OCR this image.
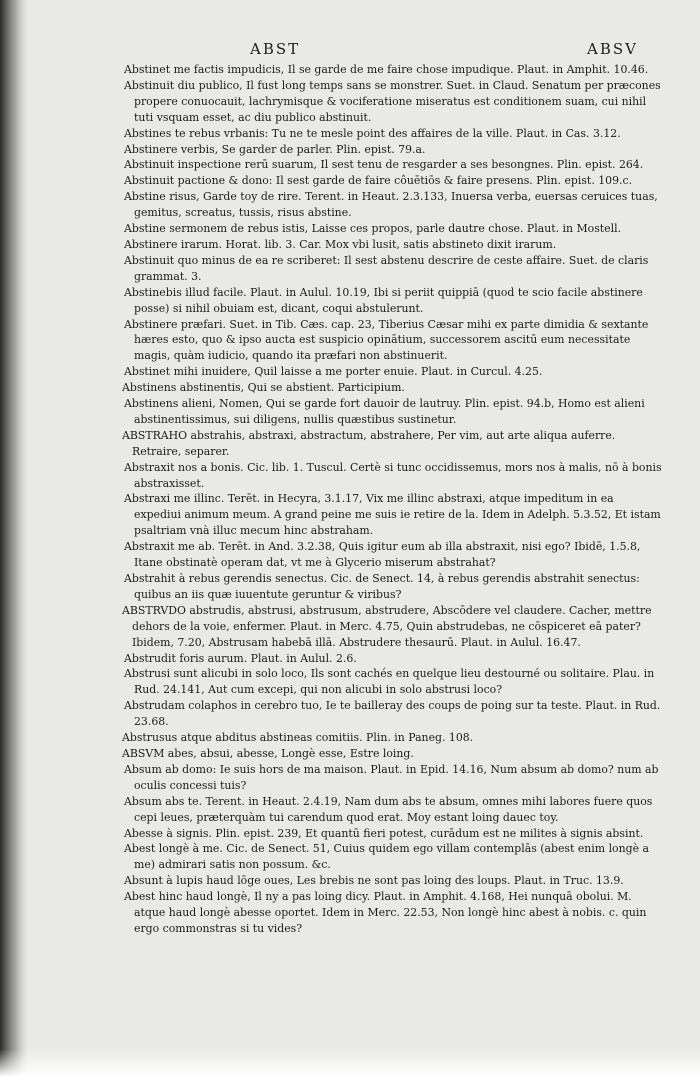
ABST	ABSV

Abstinet me factis impudicis, Il se garde de me faire chose impudique. Plaut. in Amphit. 10.46.

Abstinuit diu publico, Il fust long temps sans se monstrer. Suet. in Claud. Senatum per præcones propere conuocauit, lachrymisque & vociferatione miseratus est conditionem suam, cui nihil tuti vsquam esset, ac diu publico abstinuit.

Abstines te rebus vrbanis: Tu ne te mesle point des affaires de la ville. Plaut. in Cas. 3.12.

Abstinere verbis, Se garder de parler. Plin. epist. 79.a.

Abstinuit inspectione rerū suarum, Il sest tenu de resgarder a ses besongnes. Plin. epist. 264.

Abstinuit pactione & dono: Il sest garde de faire côuētiōs & faire presens. Plin. epist. 109.c.

Abstine risus, Garde toy de rire. Terent. in Heaut. 2.3.133, Inuersa verba, euersas ceruices tuas, gemitus, screatus, tussis, risus abstine.

Abstine sermonem de rebus istis, Laisse ces propos, parle dautre chose. Plaut. in Mostell.

Abstinere irarum. Horat. lib. 3. Car. Mox vbi lusit, satis abstineto dixit irarum.

Abstinuit quo minus de ea re scriberet: Il sest abstenu descrire de ceste affaire. Suet. de claris grammat. 3.

Abstinebis illud facile. Plaut. in Aulul. 10.19, Ibi si periit quippiā (quod te scio facile abstinere posse) si nihil obuiam est, dicant, coqui abstulerunt.

Abstinere præfari. Suet. in Tib. Cæs. cap. 23, Tiberius Cæsar mihi ex parte dimidia & sextante hæres esto, quo & ipso aucta est suspicio opinātium, successorem ascitū eum necessitate magis, quàm iudicio, quando ita præfari non abstinuerit.

Abstinet mihi inuidere, Quil laisse a me porter enuie. Plaut. in Curcul. 4.25.

Abstinens abstinentis, Qui se abstient. Participium.

Abstinens alieni, Nomen, Qui se garde fort dauoir de lautruy. Plin. epist. 94.b, Homo est alieni abstinentissimus, sui diligens, nullis quæstibus sustinetur.

ABSTRAHO abstrahis, abstraxi, abstractum, abstrahere, Per vim, aut arte aliqua auferre. Retraire, separer.

Abstraxit nos a bonis. Cic. lib. 1. Tuscul. Certè si tunc occidissemus, mors nos à malis, nō à bonis abstraxisset.

Abstraxi me illinc. Terēt. in Hecyra, 3.1.17, Vix me illinc abstraxi, atque impeditum in ea expediui animum meum. A grand peine me suis ie retire de la. Idem in Adelph. 5.3.52, Et istam psaltriam vnà illuc mecum hinc abstraham.

Abstraxit me ab. Terēt. in And. 3.2.38, Quis igitur eum ab illa abstraxit, nisi ego? Ibidē, 1.5.8, Itane obstinatè operam dat, vt me à Glycerio miserum abstrahat?

Abstrahit à rebus gerendis senectus. Cic. de Senect. 14, à rebus gerendis abstrahit senectus: quibus an iis quæ iuuentute geruntur & viribus?

ABSTRVDO abstrudis, abstrusi, abstrusum, abstrudere, Abscōdere vel claudere. Cacher, mettre dehors de la voie, enfermer. Plaut. in Merc. 4.75, Quin abstrudebas, ne cōspiceret eā pater? Ibidem, 7.20, Abstrusam habebā illā. Abstrudere thesaurū. Plaut. in Aulul. 16.47.

Abstrudit foris aurum. Plaut. in Aulul. 2.6.

Abstrusi sunt alicubi in solo loco, Ils sont cachés en quelque lieu destourné ou solitaire. Plau. in Rud. 24.141, Aut cum excepi, qui non alicubi in solo abstrusi loco?

Abstrudam colaphos in cerebro tuo, Ie te bailleray des coups de poing sur ta teste. Plaut. in Rud. 23.68.

Abstrusus atque abditus abstineas comitiis. Plin. in Paneg. 108.

ABSVM abes, absui, abesse, Longè esse, Estre loing.

Absum ab domo: Ie suis hors de ma maison. Plaut. in Epid. 14.16, Num absum ab domo? num ab oculis concessi tuis?

Absum abs te. Terent. in Heaut. 2.4.19, Nam dum abs te absum, omnes mihi labores fuere quos cepi leues, præterquàm tui carendum quod erat. Moy estant loing dauec toy.

Abesse à signis. Plin. epist. 239, Et quantū fieri potest, curādum est ne milites à signis absint.

Abest longè à me. Cic. de Senect. 51, Cuius quidem ego villam contemplās (abest enim longè a me) admirari satis non possum. &c.

Absunt à lupis haud lōge oues, Les brebis ne sont pas loing des loups. Plaut. in Truc. 13.9.

Abest hinc haud longè, Il ny a pas loing dicy. Plaut. in Amphit. 4.168, Hei nunquā obolui. M. atque haud longè abesse oportet. Idem in Merc. 22.53, Non longè hinc abest à nobis. c. quin ergo commonstras si tu vides?
